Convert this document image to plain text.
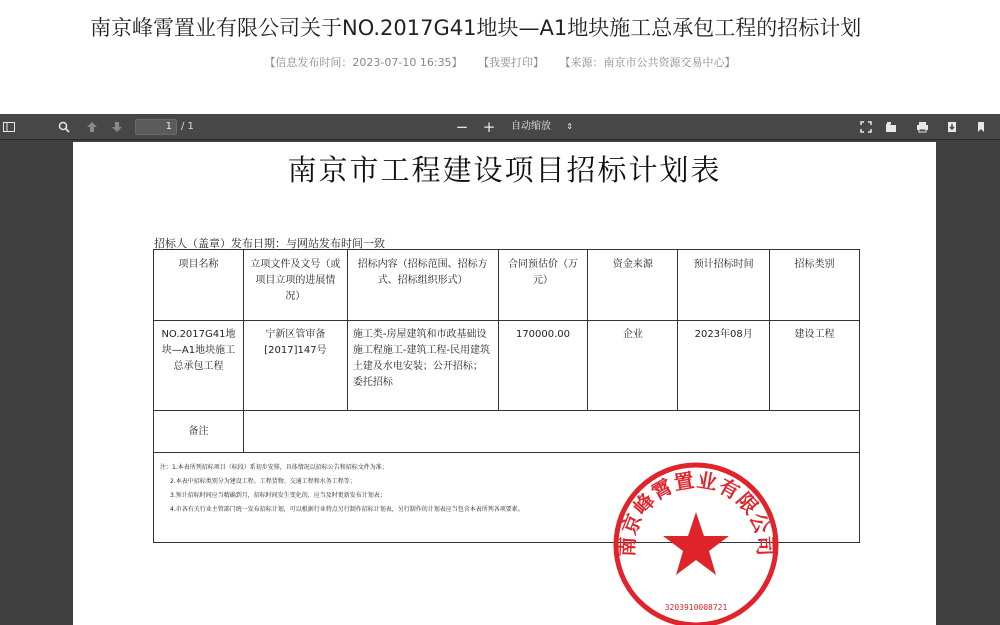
南京峰霄置业有限公司关于NO.2017G41地块—A1地块施工总承包工程的招标计划
【信息发布时间：2023-07-10 16:35】 【我要打印】 【来源：南京市公共资源交易中心】
1 / 1	− +	自动缩放 ⇕
南京市工程建设项目招标计划表
招标人（盖章）发布日期：与网站发布时间一致
项目名称	立项文件及文号（或项目立项的进展情况）	招标内容（招标范围、招标方式、招标组织形式）	合同预估价（万元）	资金来源	预计招标时间	招标类别
NO.2017G41地块—A1地块施工总承包工程	宁新区管审备[2017]147号	施工类-房屋建筑和市政基础设施工程施工-建筑工程-民用建筑土建及水电安装；公开招标；委托招标	170000.00	企业	2023年08月	建设工程
备注						

注：1.本表所列招标项目（标段）系初步安排，具体情况以招标公告和招标文件为准；
2.本表中招标类别分为建设工程、工程货物、交通工程和水务工程等；
3.预计招标时间应当精确到月，招标时间发生变化的，应当及时更新发布计划表；
4.市各有关行业主管部门统一发布招标计划，可以根据行业特点另行制作招标计划表，另行制作的计划表应当包含本表所列各项要素。						
南京峰霄置业有限公司
3203910008721
